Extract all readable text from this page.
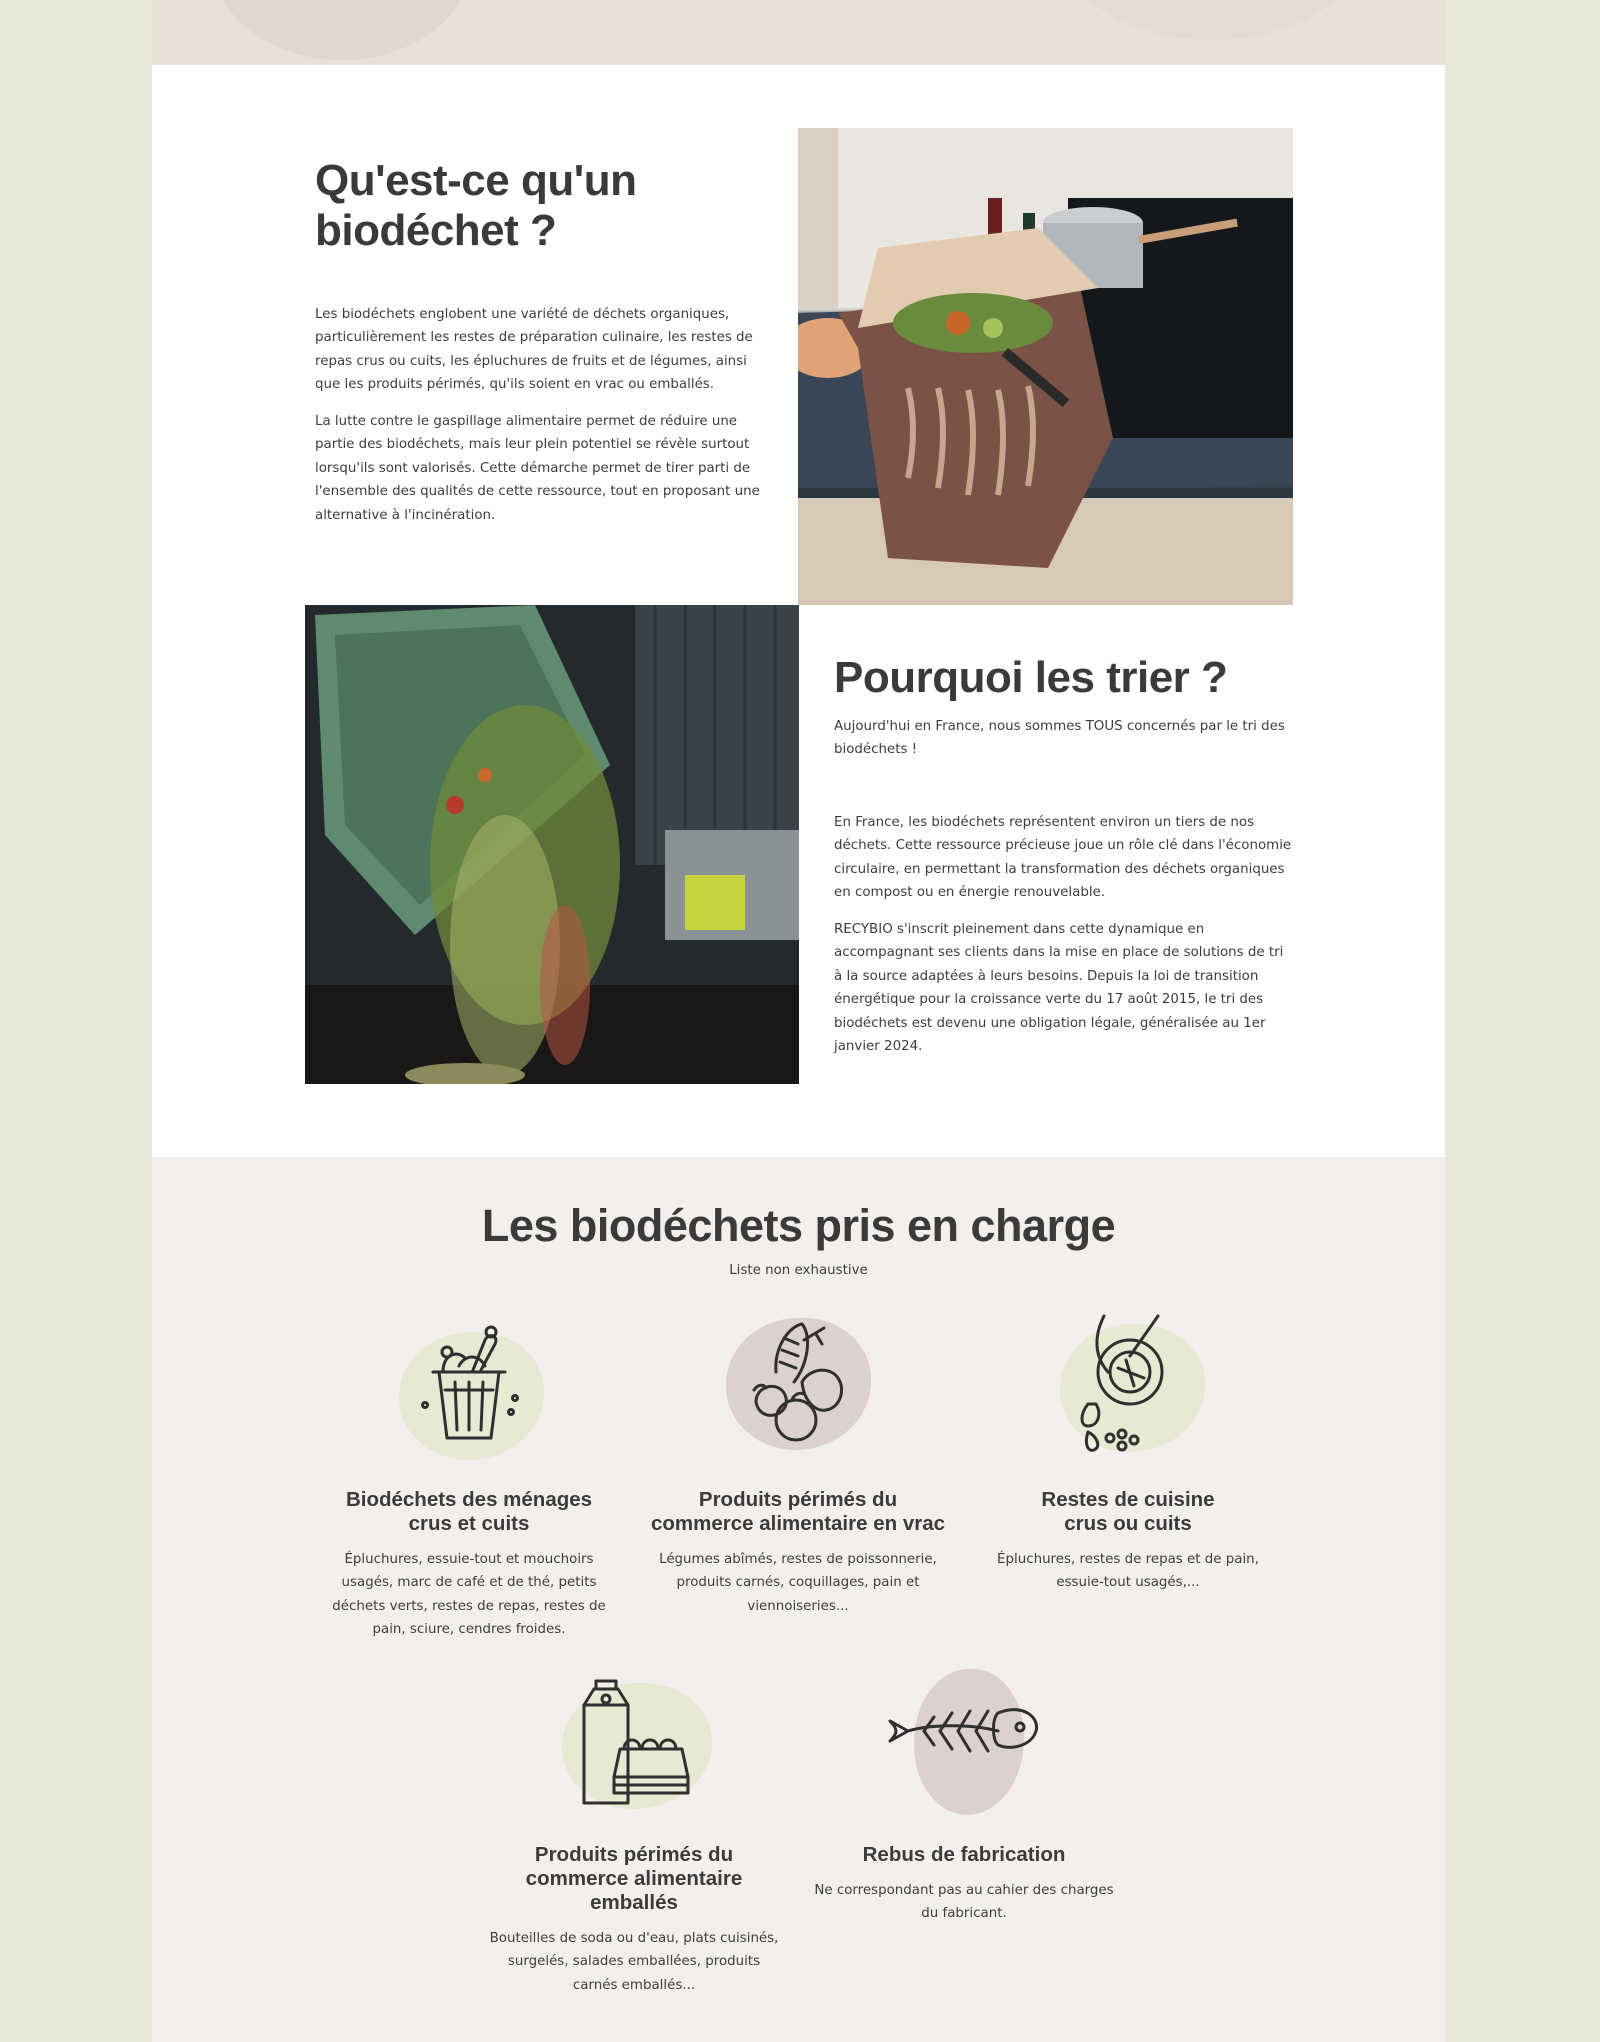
Qu'est-ce qu'un biodéchet ?

Les biodéchets englobent une variété de déchets organiques, particulièrement les restes de préparation culinaire, les restes de repas crus ou cuits, les épluchures de fruits et de légumes, ainsi que les produits périmés, qu'ils soient en vrac ou emballés.

La lutte contre le gaspillage alimentaire permet de réduire une partie des biodéchets, mais leur plein potentiel se révèle surtout lorsqu'ils sont valorisés. Cette démarche permet de tirer parti de l'ensemble des qualités de cette ressource, tout en proposant une alternative à l'incinération.

Pourquoi les trier ?

Aujourd'hui en France, nous sommes TOUS concernés par le tri des biodéchets !

En France, les biodéchets représentent environ un tiers de nos déchets. Cette ressource précieuse joue un rôle clé dans l'économie circulaire, en permettant la transformation des déchets organiques en compost ou en énergie renouvelable.

RECYBIO s'inscrit pleinement dans cette dynamique en accompagnant ses clients dans la mise en place de solutions de tri à la source adaptées à leurs besoins. Depuis la loi de transition énergétique pour la croissance verte du 17 août 2015, le tri des biodéchets est devenu une obligation légale, généralisée au 1er janvier 2024.

Les biodéchets pris en charge

Liste non exhaustive

Biodéchets des ménages
crus et cuits

Épluchures, essuie-tout et mouchoirs usagés, marc de café et de thé, petits déchets verts, restes de repas, restes de pain, sciure, cendres froides.

Produits périmés du
commerce alimentaire en vrac

Légumes abîmés, restes de poissonnerie, produits carnés, coquillages, pain et viennoiseries...

Restes de cuisine
crus ou cuits

Épluchures, restes de repas et de pain, essuie-tout usagés,...

Produits périmés du
commerce alimentaire
emballés

Bouteilles de soda ou d'eau, plats cuisinés, surgelés, salades emballées, produits carnés emballés...

Rebus de fabrication

Ne correspondant pas au cahier des charges du fabricant.
